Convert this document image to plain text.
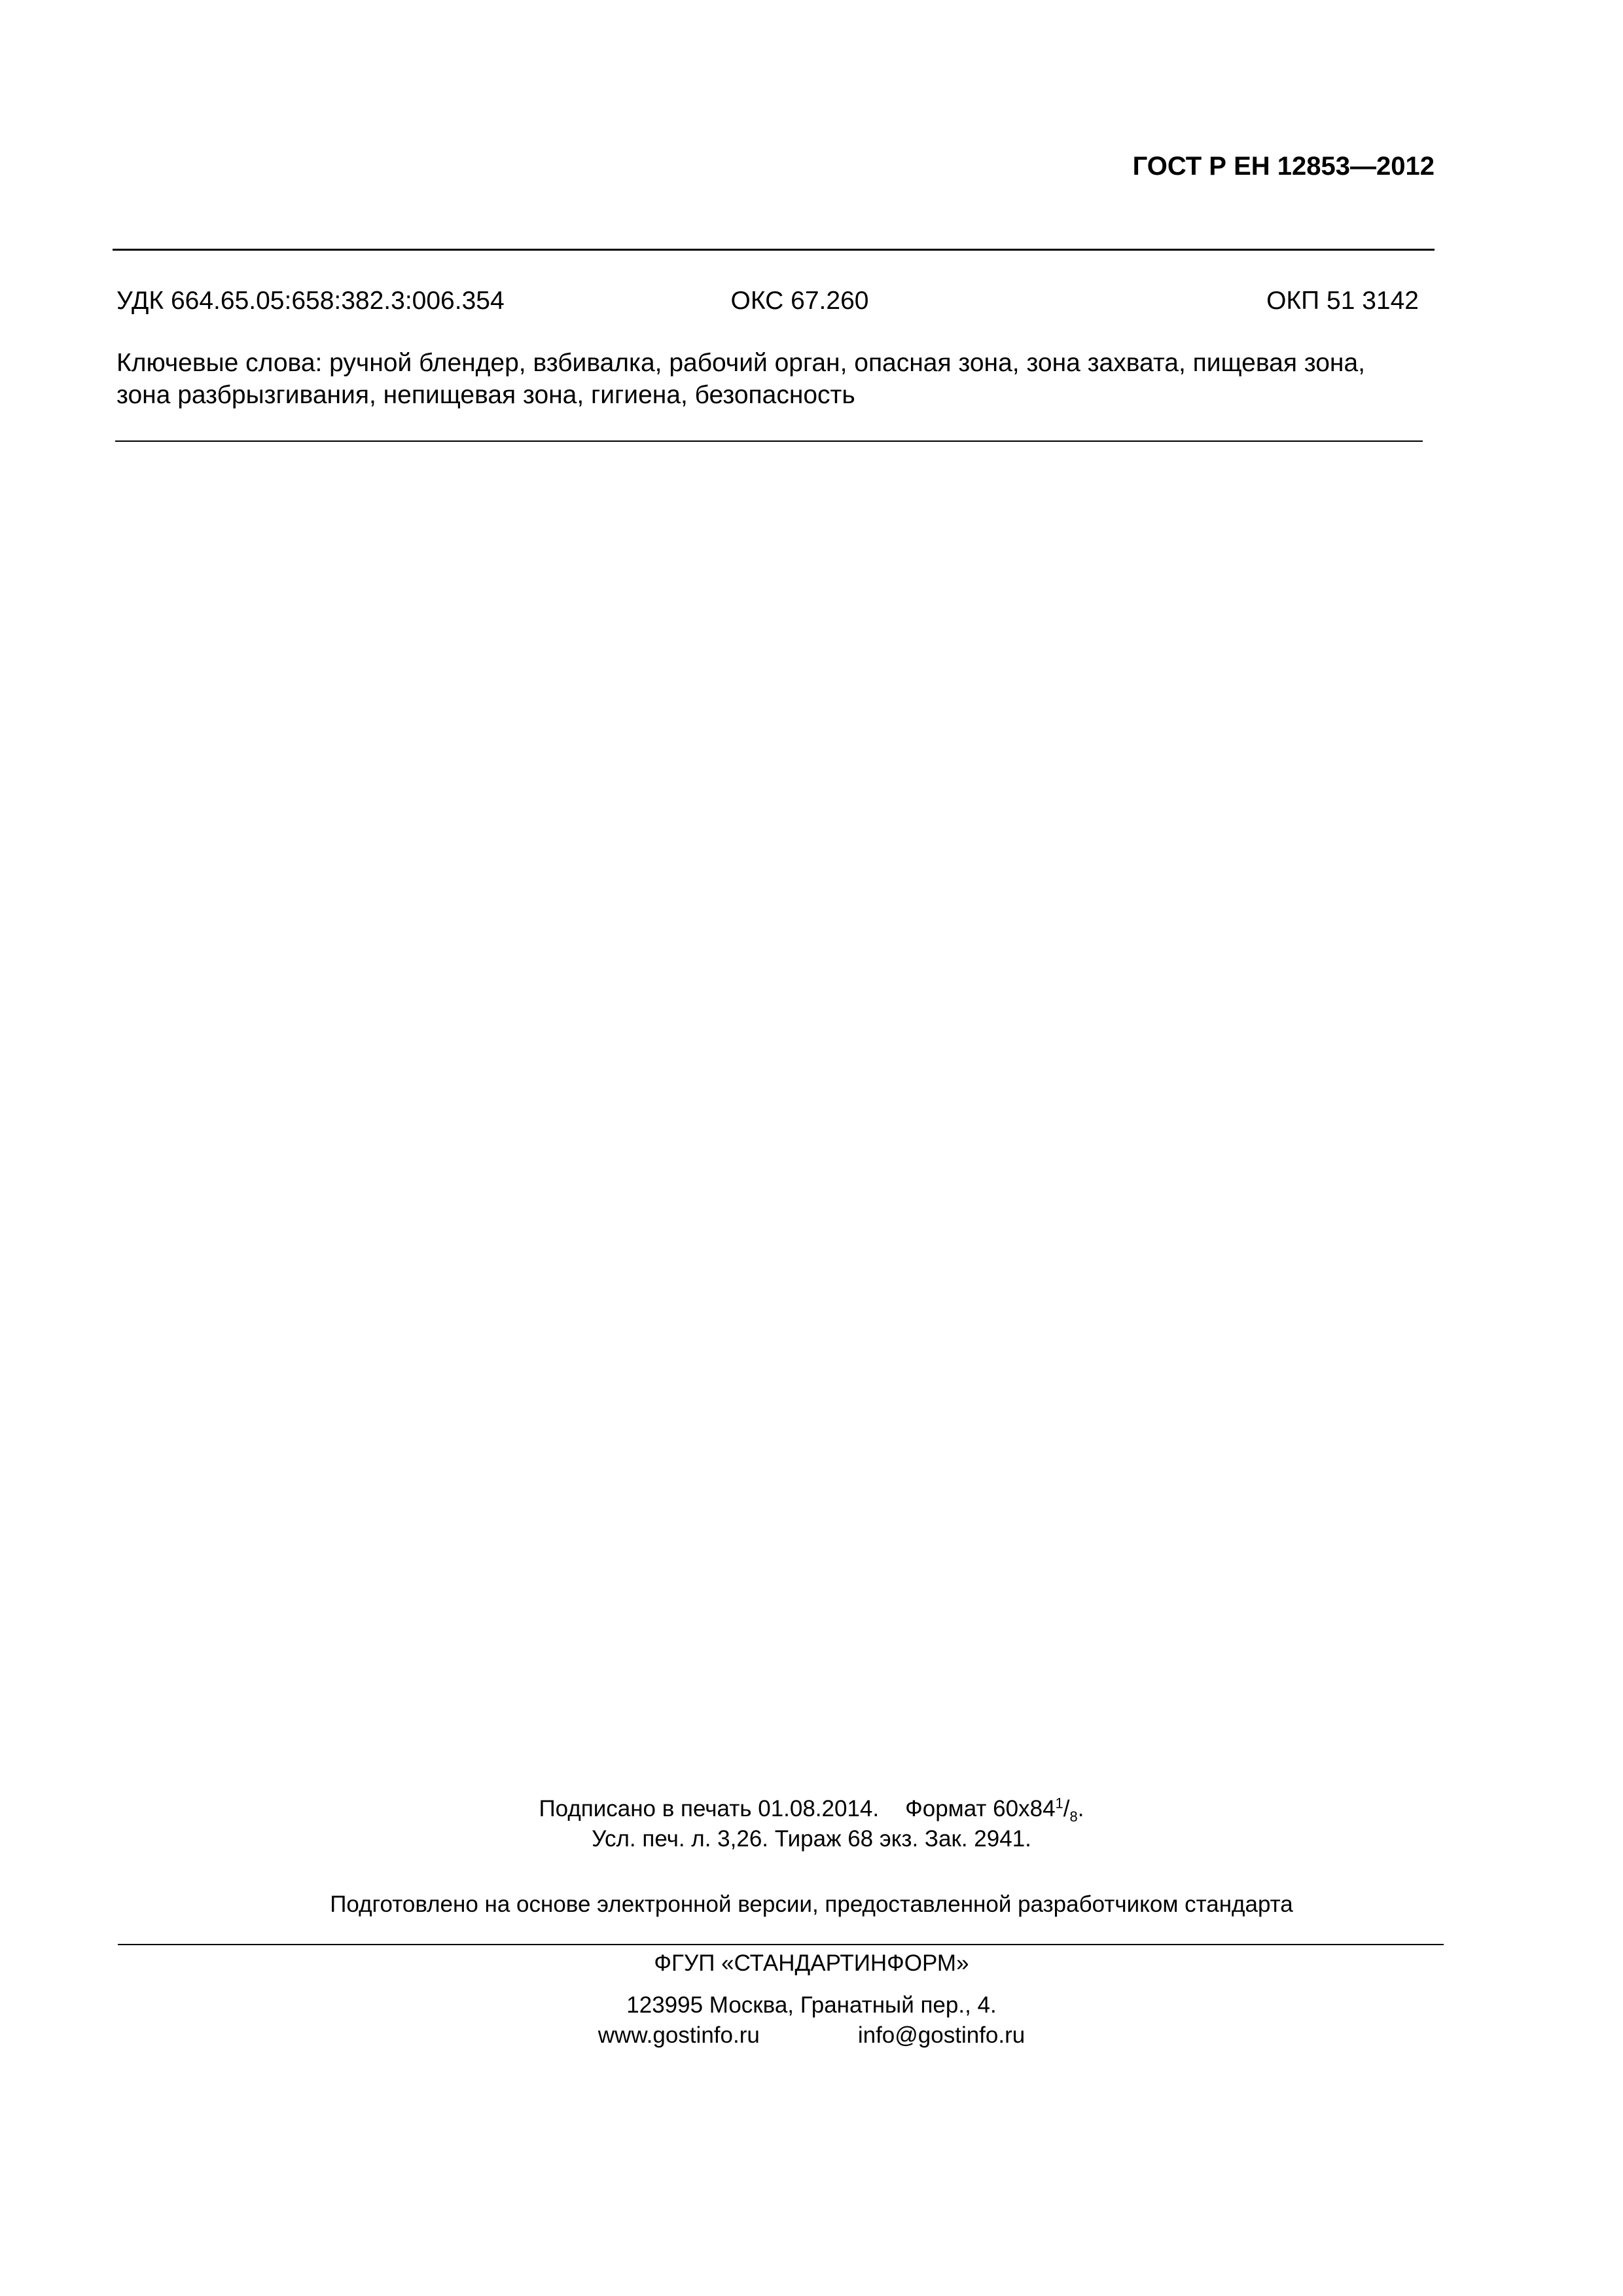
ГОСТ Р ЕН 12853—2012
УДК 664.65.05:658:382.3:006.354	ОКС 67.260	ОКП 51 3142
Ключевые слова: ручной блендер, взбивалка, рабочий орган, опасная зона, зона захвата, пищевая зона, зона разбрызгивания, непищевая зона, гигиена, безопасность
Подписано в печать 01.08.2014. Формат $60x84^1/_8$.
Усл. печ. л. 3,26. Тираж 68 экз. Зак. 2941.
Подготовлено на основе электронной версии, предоставленной разработчиком стандарта
ФГУП «СТАНДАРТИНФОРМ»
123995 Москва, Гранатный пер., 4.
www.gostinfo.ru	info@gostinfo.ru
